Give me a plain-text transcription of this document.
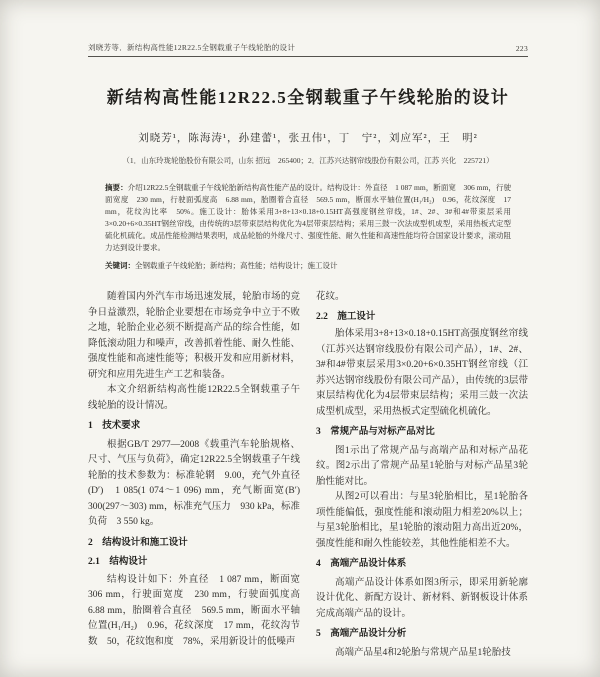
刘晓芳等．新结构高性能12R22.5全钢载重子午线轮胎的设计	223
新结构高性能12R22.5全钢载重子午线轮胎的设计
刘晓芳¹，陈海涛¹，孙建蕾¹，张丑伟¹，丁　宁²，刘应军²，王　明²
（1．山东玲珑轮胎股份有限公司，山东 招远　265400；2．江苏兴达钢帘线股份有限公司，江苏 兴化　225721）
摘要：介绍12R22.5全钢载重子午线轮胎新结构高性能产品的设计。结构设计：外直径　1 087 mm，断面宽　306 mm，行驶面宽度　230 mm，行驶面弧度高　6.88 mm，胎圈着合直径　569.5 mm，断面水平轴位置(H₁/H₂)　0.96，花纹深度　17 mm，花纹沟比率　50%。施工设计：胎体采用3+8+13×0.18+0.15HT高强度钢丝帘线，1#、2#、3#和4#带束层采用3×0.20+6×0.35HT钢丝帘线，由传统的3层带束层结构优化为4层带束层结构；采用三鼓一次法成型机成型，采用热板式定型硫化机硫化。成品性能检测结果表明，成品轮胎的外缘尺寸、强度性能、耐久性能和高速性能均符合国家设计要求，滚动阻力达到设计要求。
关键词：全钢载重子午线轮胎；新结构；高性能；结构设计；施工设计

随着国内外汽车市场迅速发展，轮胎市场的竞争日益激烈，轮胎企业要想在市场竞争中立于不败之地，轮胎企业必须不断提高产品的综合性能，如降低滚动阻力和噪声，改善抓着性能、耐久性能、强度性能和高速性能等；积极开发和应用新材料，研究和应用先进生产工艺和装备。

本文介绍新结构高性能12R22.5全钢载重子午线轮胎的设计情况。

1　技术要求

根据GB/T 2977—2008《载重汽车轮胎规格、尺寸、气压与负荷》，确定12R22.5全钢载重子午线轮胎的技术参数为：标准轮辋　9.00，充气外直径(D′)　1 085(1 074～1 096) mm，充气断面宽(B′)　300(297～303) mm，标准充气压力　930 kPa，标准负荷　3 550 kg。

2　结构设计和施工设计
2.1　结构设计

结构设计如下：外直径　1 087 mm，断面宽　306 mm，行驶面宽度　230 mm，行驶面弧度高　6.88 mm，胎圈着合直径　569.5 mm，断面水平轴位置(H₁/H₂)　0.96，花纹深度　17 mm，花纹沟节数　50，花纹饱和度　78%，采用新设计的低噪声

花纹。

2.2　施工设计

胎体采用3+8+13×0.18+0.15HT高强度钢丝帘线（江苏兴达钢帘线股份有限公司产品），1#、2#、3#和4#带束层采用3×0.20+6×0.35HT钢丝帘线（江苏兴达钢帘线股份有限公司产品），由传统的3层带束层结构优化为4层带束层结构；采用三鼓一次法成型机成型，采用热板式定型硫化机硫化。

3　常规产品与对标产品对比

图1示出了常规产品与高端产品和对标产品花纹。图2示出了常规产品星1轮胎与对标产品星3轮胎性能对比。

从图2可以看出：与星3轮胎相比，星1轮胎各项性能偏低，强度性能和滚动阻力相差20%以上；与星3轮胎相比，星1轮胎的滚动阻力高出近20%，强度性能和耐久性能较差，其他性能相差不大。

4　高端产品设计体系

高端产品设计体系如图3所示，即采用新轮廓设计优化、新配方设计、新材料、新钢板设计体系完成高端产品的设计。

5　高端产品设计分析

高端产品星4和2轮胎与常规产品星1轮胎技
